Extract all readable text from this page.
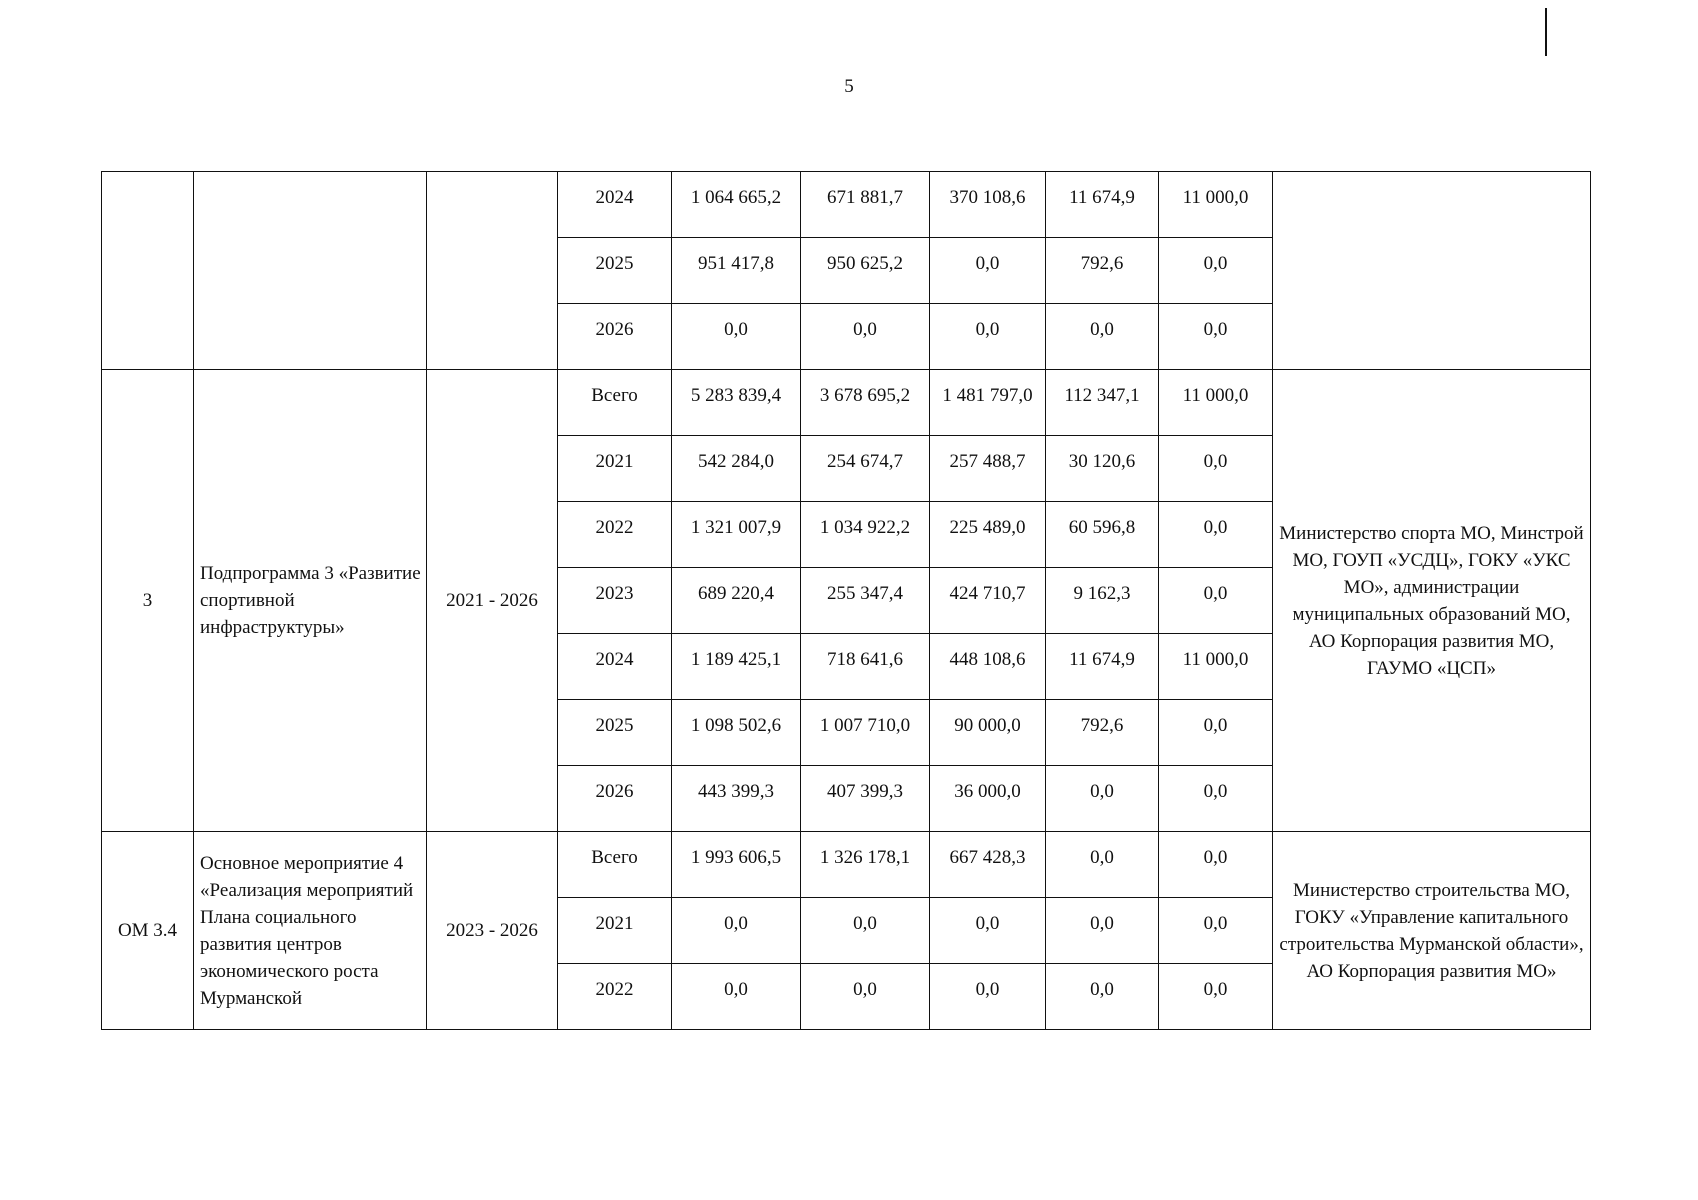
5
			2024	1 064 665,2	671 881,7	370 108,6	11 674,9	11 000,0	
			2025	951 417,8	950 625,2	0,0	792,6	0,0	
			2026	0,0	0,0	0,0	0,0	0,0	
3	Подпрограмма 3 «Развитие спортивной инфраструктуры»	2021 - 2026	Всего	5 283 839,4	3 678 695,2	1 481 797,0	112 347,1	11 000,0	Министерство спорта МО, Минстрой МО, ГОУП «УСДЦ», ГОКУ «УКС МО», администрации муниципальных образований МО, АО Корпорация развития МО, ГАУМО «ЦСП»
			2021	542 284,0	254 674,7	257 488,7	30 120,6	0,0	
			2022	1 321 007,9	1 034 922,2	225 489,0	60 596,8	0,0	
			2023	689 220,4	255 347,4	424 710,7	9 162,3	0,0	
			2024	1 189 425,1	718 641,6	448 108,6	11 674,9	11 000,0	
			2025	1 098 502,6	1 007 710,0	90 000,0	792,6	0,0	
			2026	443 399,3	407 399,3	36 000,0	0,0	0,0	
ОМ 3.4	Основное мероприятие 4 «Реализация мероприятий Плана социального развития центров экономического роста Мурманской	2023 - 2026	Всего	1 993 606,5	1 326 178,1	667 428,3	0,0	0,0	Министерство строительства МО, ГОКУ «Управление капитального строительства Мурманской области», АО Корпорация развития МО»
			2021	0,0	0,0	0,0	0,0	0,0	
			2022	0,0	0,0	0,0	0,0	0,0	
